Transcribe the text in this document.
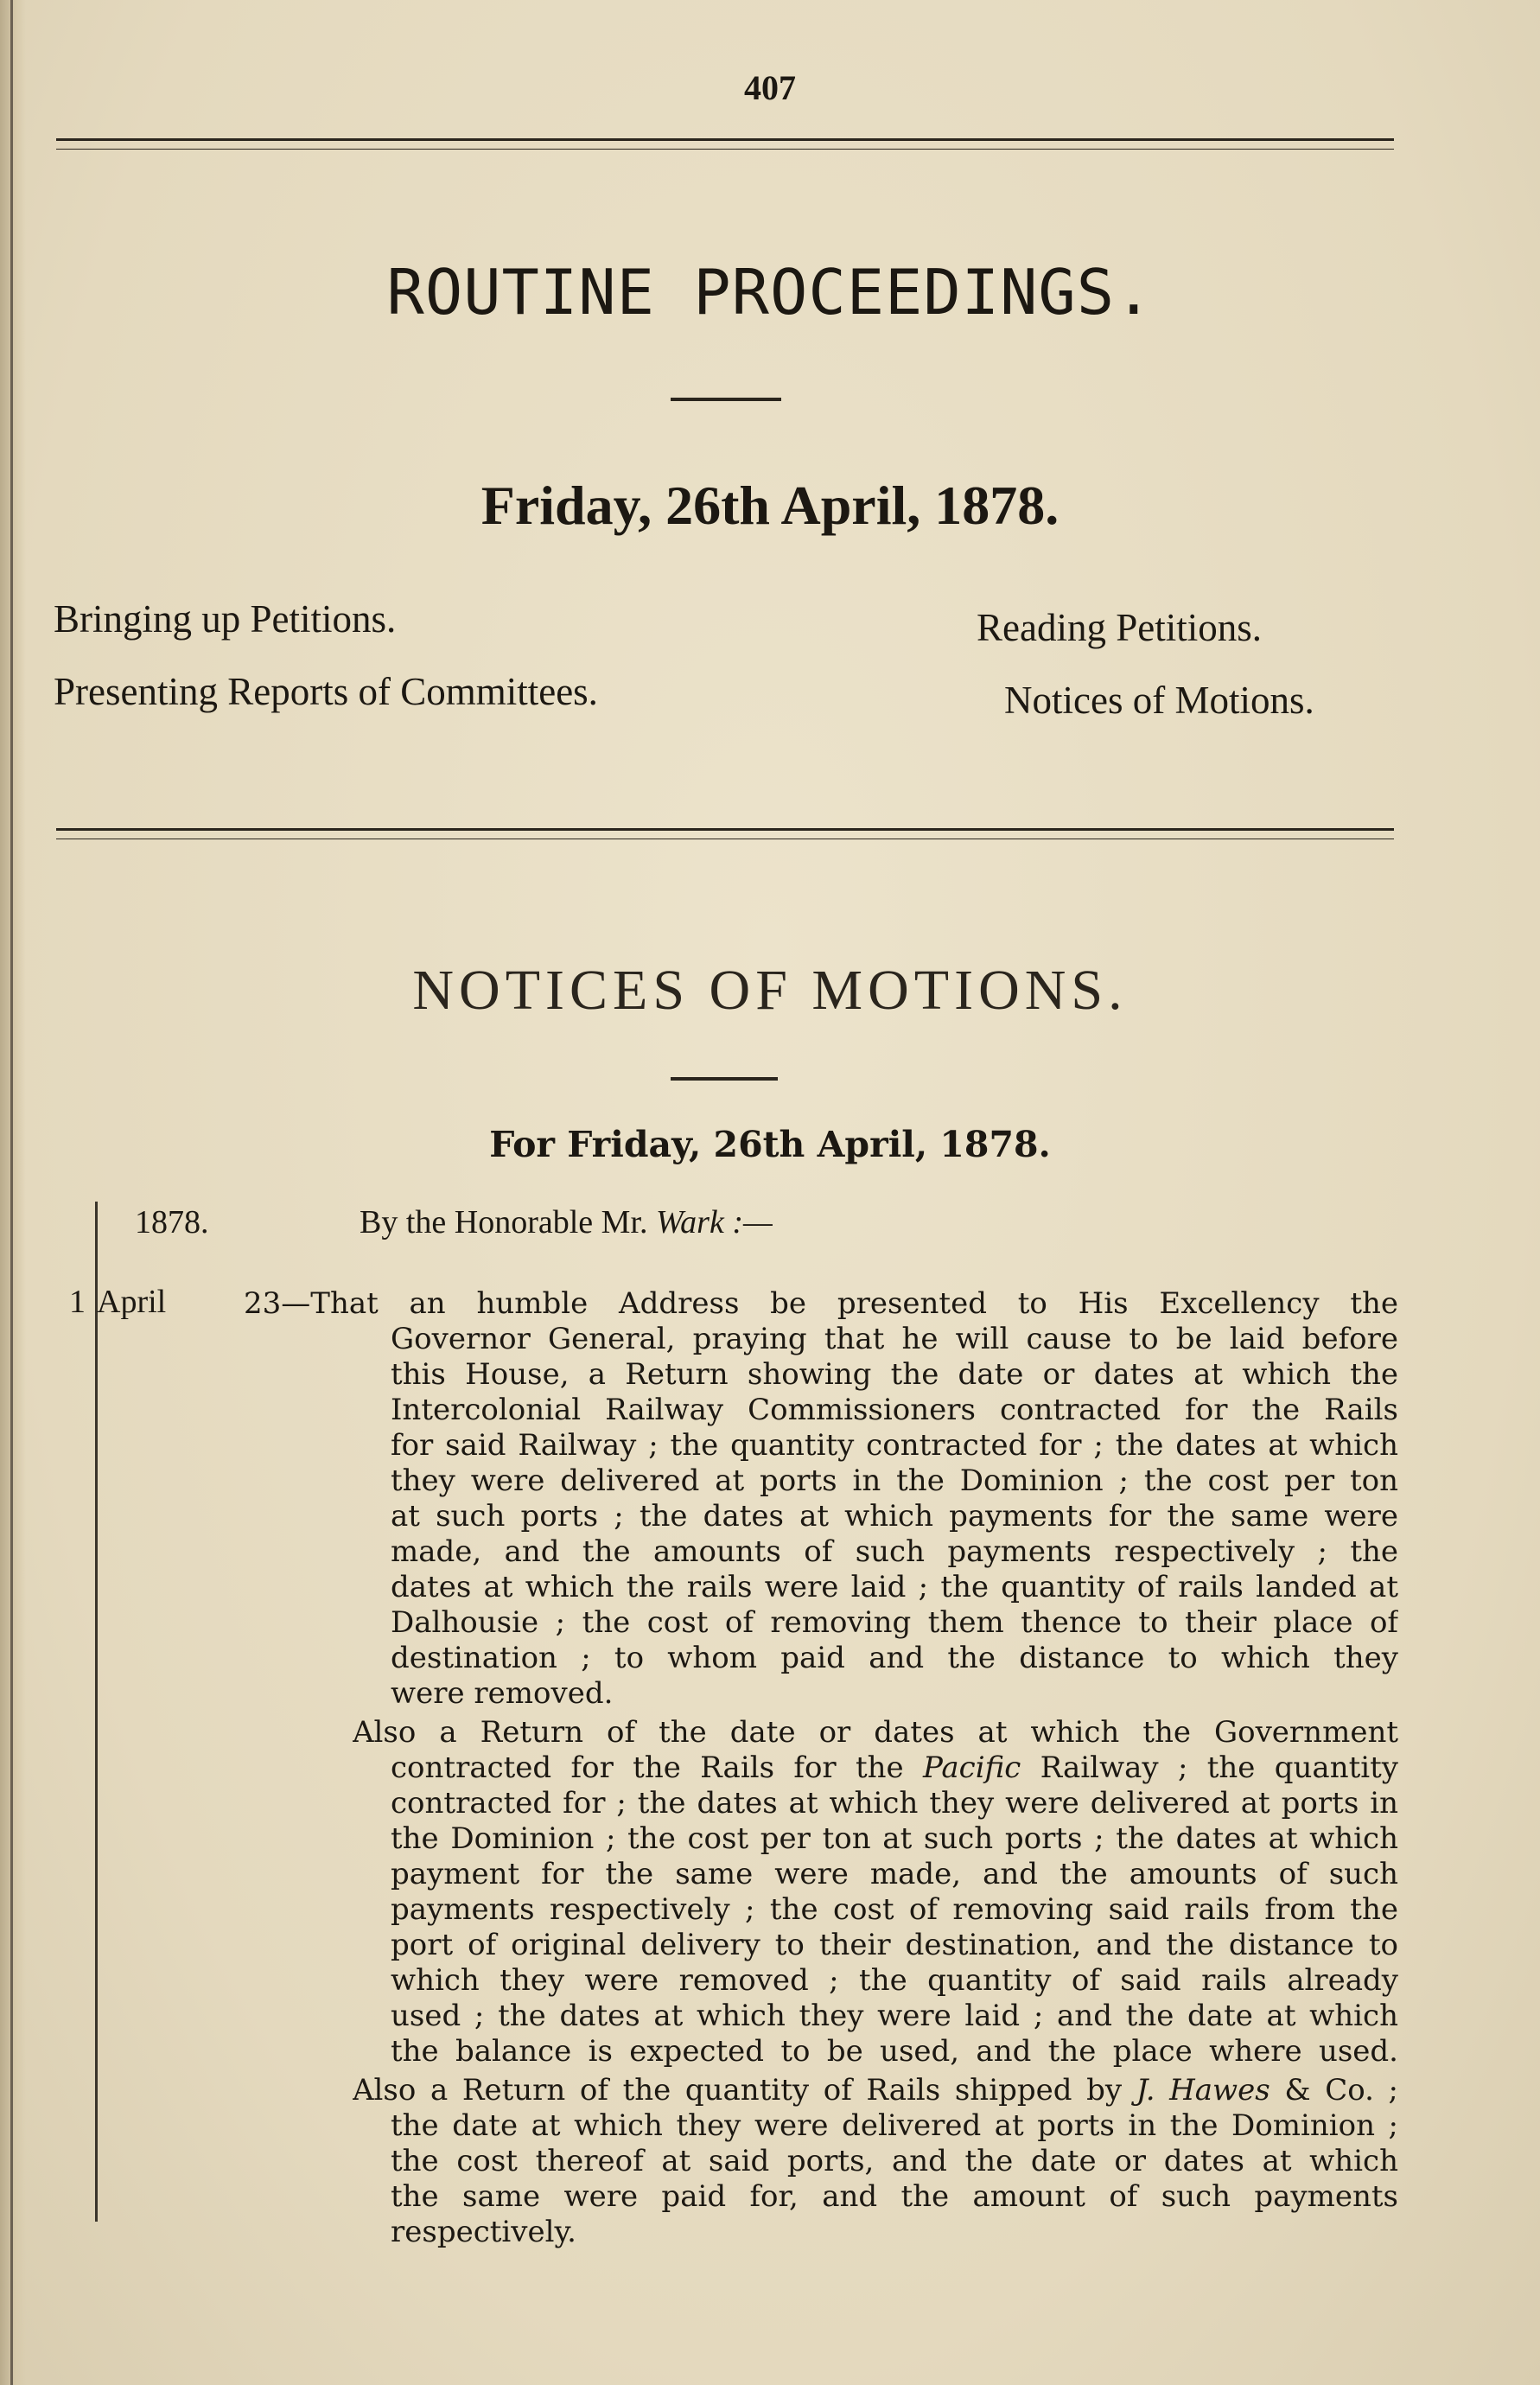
407
ROUTINE PROCEEDINGS.
Friday, 26th April, 1878.
Bringing up Petitions.
Presenting Reports of Committees.
Reading Petitions.
Notices of Motions.
NOTICES OF MOTIONS.
For Friday, 26th April, 1878.
1878.	By the Honorable Mr. Wark :—
1 April	23—That an humble Address be presented to His Excellency the
Governor General, praying that he will cause to be laid before
this House, a Return showing the date or dates at which the
Intercolonial Railway Commissioners contracted for the Rails
for said Railway ; the quantity contracted for ; the dates at which
they were delivered at ports in the Dominion ; the cost per ton
at such ports ; the dates at which payments for the same were
made, and the amounts of such payments respectively ; the
dates at which the rails were laid ; the quantity of rails landed at
Dalhousie ; the cost of removing them thence to their place of
destination ; to whom paid and the distance to which they
were removed.
Also a Return of the date or dates at which the Government
contracted for the Rails for the Pacific Railway ; the quantity
contracted for ; the dates at which they were delivered at ports in
the Dominion ; the cost per ton at such ports ; the dates at which
payment for the same were made, and the amounts of such
payments respectively ; the cost of removing said rails from the
port of original delivery to their destination, and the distance to
which they were removed ; the quantity of said rails already
used ; the dates at which they were laid ; and the date at which
the balance is expected to be used, and the place where used.
Also a Return of the quantity of Rails shipped by J. Hawes & Co. ;
the date at which they were delivered at ports in the Dominion ;
the cost thereof at said ports, and the date or dates at which
the same were paid for, and the amount of such payments
respectively.
